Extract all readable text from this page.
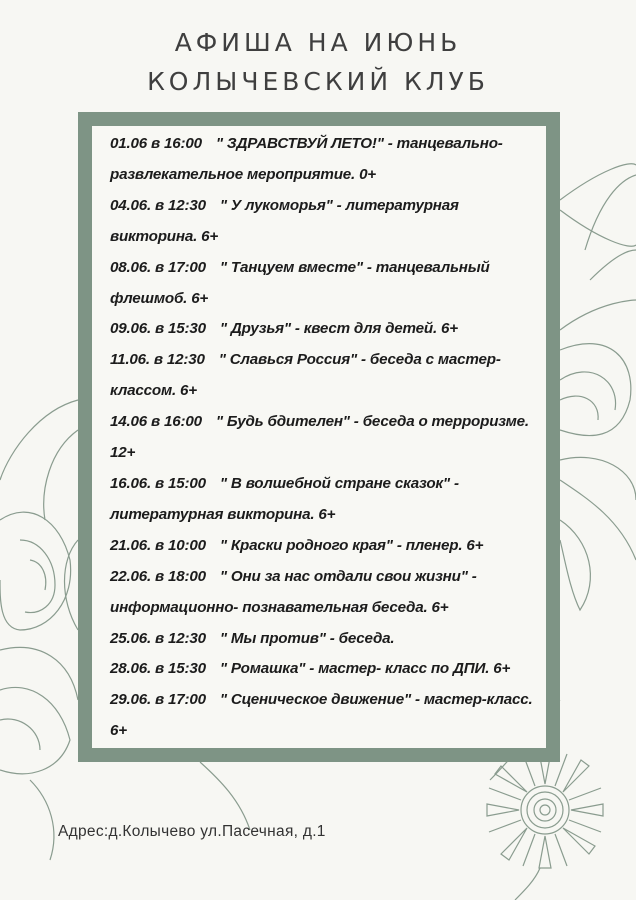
АФИША НА ИЮНЬ
КОЛЫЧЕВСКИЙ КЛУБ
01.06 в 16:00 " ЗДРАВСТВУЙ ЛЕТО!" - танцевально-развлекательное мероприятие. 0+
04.06. в 12:30 " У лукоморья" - литературная викторина. 6+
08.06. в 17:00 " Танцуем вместе" - танцевальный флешмоб. 6+
09.06. в 15:30 " Друзья" - квест для детей. 6+
11.06. в 12:30 " Славься Россия" - беседа с мастер-классом. 6+
14.06 в 16:00 " Будь бдителен" - беседа о терроризме. 12+
16.06. в 15:00 " В волшебной стране сказок" - литературная викторина. 6+
21.06. в 10:00 " Краски родного края" - пленер. 6+
22.06. в 18:00 " Они за нас отдали свои жизни" - информационно- познавательная беседа. 6+
25.06. в 12:30 " Мы против" - беседа.
28.06. в 15:30 " Ромашка" - мастер- класс по ДПИ. 6+
29.06. в 17:00 " Сценическое движение" - мастер-класс. 6+
Адрес:д.Колычево ул.Пасечная, д.1
